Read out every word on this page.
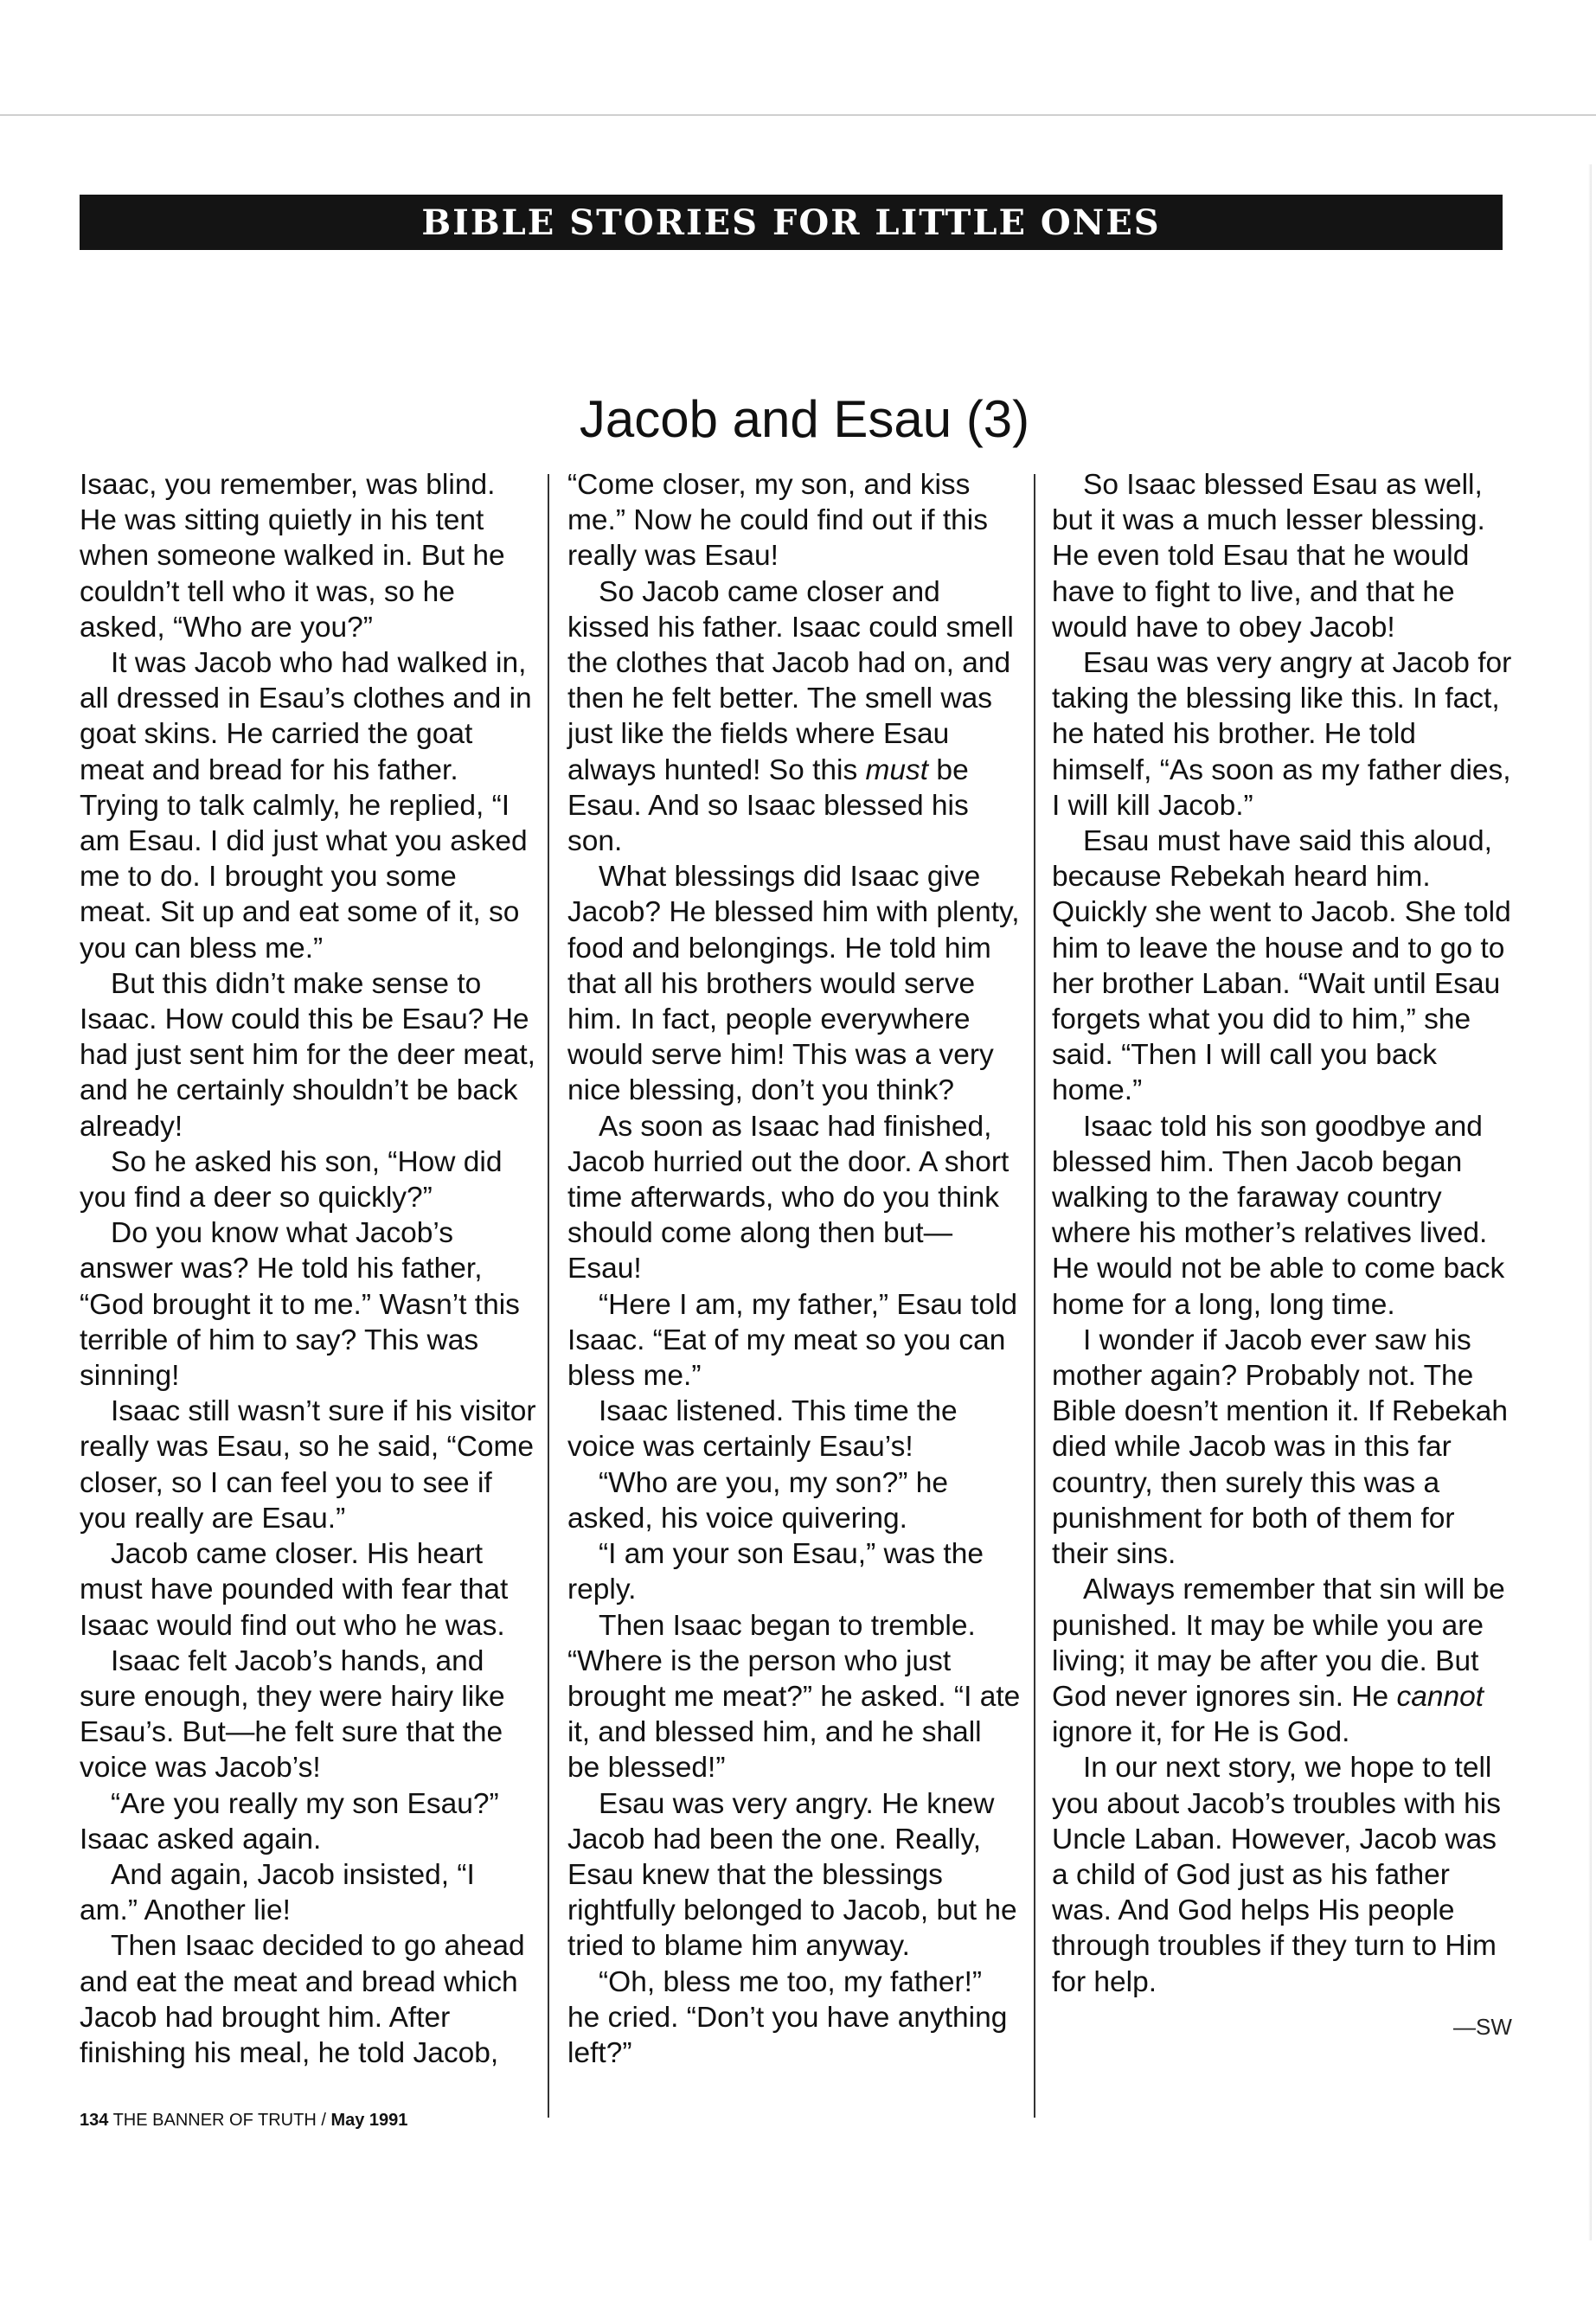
BIBLE STORIES FOR LITTLE ONES
Jacob and Esau (3)

Isaac, you remember, was blind. He was sitting quietly in his tent when someone walked in. But he couldn’t tell who it was, so he asked, “Who are you?”

It was Jacob who had walked in, all dressed in Esau’s clothes and in goat skins. He carried the goat meat and bread for his father. Trying to talk calmly, he replied, “I am Esau. I did just what you asked me to do. I brought you some meat. Sit up and eat some of it, so you can bless me.”

But this didn’t make sense to Isaac. How could this be Esau? He had just sent him for the deer meat, and he certainly shouldn’t be back already!

So he asked his son, “How did you find a deer so quickly?”

Do you know what Jacob’s answer was? He told his father, “God brought it to me.” Wasn’t this terrible of him to say? This was sinning!

Isaac still wasn’t sure if his visitor really was Esau, so he said, “Come closer, so I can feel you to see if you really are Esau.”

Jacob came closer. His heart must have pounded with fear that Isaac would find out who he was.

Isaac felt Jacob’s hands, and sure enough, they were hairy like Esau’s. But—he felt sure that the voice was Jacob’s!

“Are you really my son Esau?” Isaac asked again.

And again, Jacob insisted, “I am.” Another lie!

Then Isaac decided to go ahead and eat the meat and bread which Jacob had brought him. After finishing his meal, he told Jacob,

“Come closer, my son, and kiss me.” Now he could find out if this really was Esau!

So Jacob came closer and kissed his father. Isaac could smell the clothes that Jacob had on, and then he felt better. The smell was just like the fields where Esau always hunted! So this must be Esau. And so Isaac blessed his son.

What blessings did Isaac give Jacob? He blessed him with plenty, food and belongings. He told him that all his brothers would serve him. In fact, people everywhere would serve him! This was a very nice blessing, don’t you think?

As soon as Isaac had finished, Jacob hurried out the door. A short time afterwards, who do you think should come along then but—Esau!

“Here I am, my father,” Esau told Isaac. “Eat of my meat so you can bless me.”

Isaac listened. This time the voice was certainly Esau’s!

“Who are you, my son?” he asked, his voice quivering.

“I am your son Esau,” was the reply.

Then Isaac began to tremble. “Where is the person who just brought me meat?” he asked. “I ate it, and blessed him, and he shall be blessed!”

Esau was very angry. He knew Jacob had been the one. Really, Esau knew that the blessings rightfully belonged to Jacob, but he tried to blame him anyway.

“Oh, bless me too, my father!” he cried. “Don’t you have anything left?”

So Isaac blessed Esau as well, but it was a much lesser blessing. He even told Esau that he would have to fight to live, and that he would have to obey Jacob!

Esau was very angry at Jacob for taking the blessing like this. In fact, he hated his brother. He told himself, “As soon as my father dies, I will kill Jacob.”

Esau must have said this aloud, because Rebekah heard him. Quickly she went to Jacob. She told him to leave the house and to go to her brother Laban. “Wait until Esau forgets what you did to him,” she said. “Then I will call you back home.”

Isaac told his son goodbye and blessed him. Then Jacob began walking to the faraway country where his mother’s relatives lived. He would not be able to come back home for a long, long time.

I wonder if Jacob ever saw his mother again? Probably not. The Bible doesn’t mention it. If Rebekah died while Jacob was in this far country, then surely this was a punishment for both of them for their sins.

Always remember that sin will be punished. It may be while you are living; it may be after you die. But God never ignores sin. He cannot ignore it, for He is God.

In our next story, we hope to tell you about Jacob’s troubles with his Uncle Laban. However, Jacob was a child of God just as his father was. And God helps His people through troubles if they turn to Him for help.

—SW
134 THE BANNER OF TRUTH / May 1991
